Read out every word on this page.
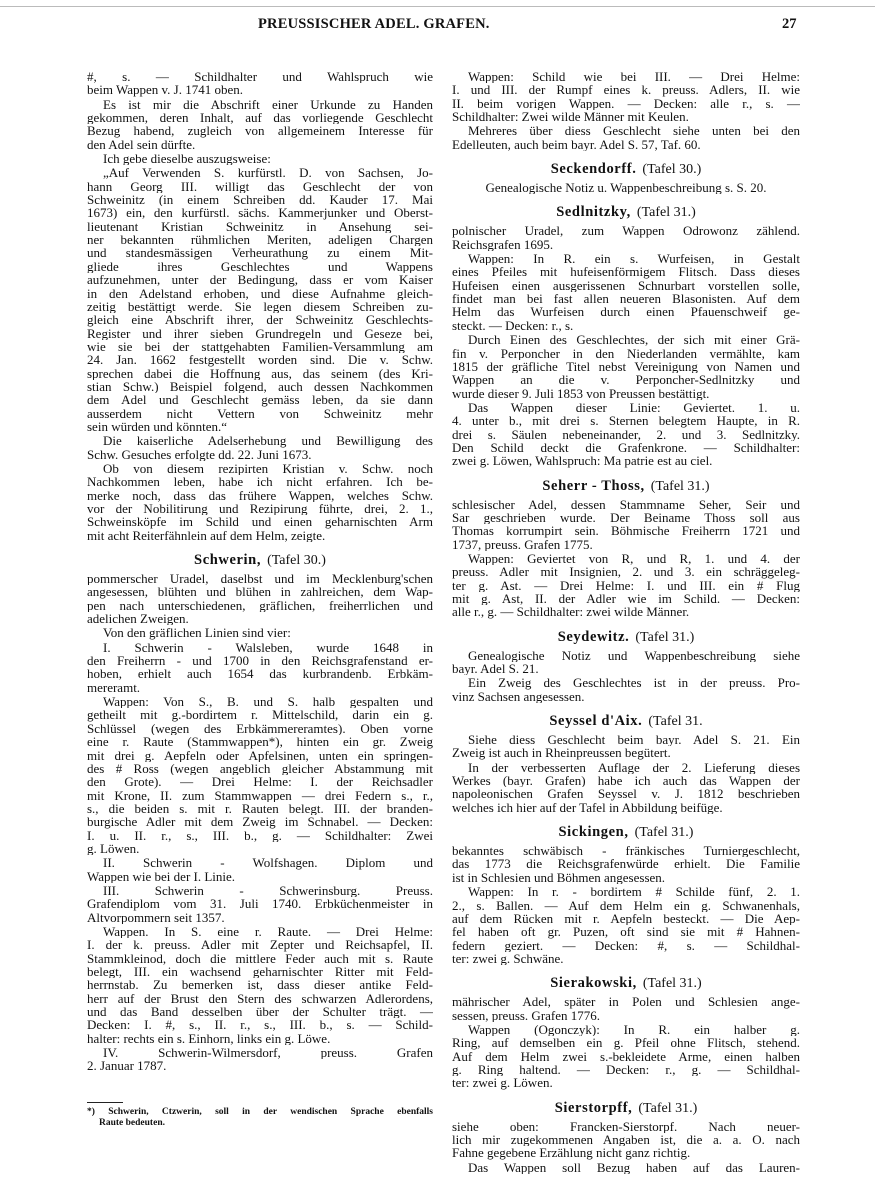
PREUSSISCHER ADEL. GRAFEN.	27
#, s. — Schildhalter und Wahlspruch wie
beim Wappen v. J. 1741 oben.
Es ist mir die Abschrift einer Urkunde zu Handen
gekommen, deren Inhalt, auf das vorliegende Geschlecht
Bezug habend, zugleich von allgemeinem Interesse für
den Adel sein dürfte.
Ich gebe dieselbe auszugsweise:
„Auf Verwenden S. kurfürstl. D. von Sachsen, Jo-
hann Georg III. willigt das Geschlecht der von
Schweinitz (in einem Schreiben dd. Kauder 17. Mai
1673) ein, den kurfürstl. sächs. Kammerjunker und Oberst-
lieutenant Kristian Schweinitz in Ansehung sei-
ner bekannten rühmlichen Meriten, adeligen Chargen
und standesmässigen Verheurathung zu einem Mit-
gliede ihres Geschlechtes und Wappens
aufzunehmen, unter der Bedingung, dass er vom Kaiser
in den Adelstand erhoben, und diese Aufnahme gleich-
zeitig bestättigt werde. Sie legen diesem Schreiben zu-
gleich eine Abschrift ihrer, der Schweinitz Geschlechts-
Register und ihrer sieben Grundregeln und Geseze bei,
wie sie bei der stattgehabten Familien-Versammlung am
24. Jan. 1662 festgestellt worden sind. Die v. Schw.
sprechen dabei die Hoffnung aus, das seinem (des Kri-
stian Schw.) Beispiel folgend, auch dessen Nachkommen
dem Adel und Geschlecht gemäss leben, da sie dann
ausserdem nicht Vettern von Schweinitz mehr
sein würden und könnten.“
Die kaiserliche Adelserhebung und Bewilligung des
Schw. Gesuches erfolgte dd. 22. Juni 1673.
Ob von diesem rezipirten Kristian v. Schw. noch
Nachkommen leben, habe ich nicht erfahren. Ich be-
merke noch, dass das frühere Wappen, welches Schw.
vor der Nobilitirung und Rezipirung führte, drei, 2. 1.,
Schweinsköpfe im Schild und einen geharnischten Arm
mit acht Reiterfähnlein auf dem Helm, zeigte.
Schwerin, (Tafel 30.)
pommerscher Uradel, daselbst und im Mecklenburg'schen
angesessen, blühten und blühen in zahlreichen, dem Wap-
pen nach unterschiedenen, gräflichen, freiherrlichen und
adelichen Zweigen.
Von den gräflichen Linien sind vier:
I. Schwerin - Walsleben, wurde 1648 in
den Freiherrn - und 1700 in den Reichsgrafenstand er-
hoben, erhielt auch 1654 das kurbrandenb. Erbkäm-
mereramt.
Wappen: Von S., B. und S. halb gespalten und
getheilt mit g.-bordirtem r. Mittelschild, darin ein g.
Schlüssel (wegen des Erbkämmereramtes). Oben vorne
eine r. Raute (Stammwappen*), hinten ein gr. Zweig
mit drei g. Aepfeln oder Apfelsinen, unten ein springen-
des # Ross (wegen angeblich gleicher Abstammung mit
den Grote). — Drei Helme: I. der Reichsadler
mit Krone, II. zum Stammwappen — drei Federn s., r.,
s., die beiden s. mit r. Rauten belegt. III. der branden-
burgische Adler mit dem Zweig im Schnabel. — Decken:
I. u. II. r., s., III. b., g. — Schildhalter: Zwei
g. Löwen.
II. Schwerin - Wolfshagen. Diplom und
Wappen wie bei der I. Linie.
III. Schwerin - Schwerinsburg. Preuss.
Grafendiplom vom 31. Juli 1740. Erbküchenmeister in
Altvorpommern seit 1357.
Wappen. In S. eine r. Raute. — Drei Helme:
I. der k. preuss. Adler mit Zepter und Reichsapfel, II.
Stammkleinod, doch die mittlere Feder auch mit s. Raute
belegt, III. ein wachsend geharnischter Ritter mit Feld-
herrnstab. Zu bemerken ist, dass dieser antike Feld-
herr auf der Brust den Stern des schwarzen Adlerordens,
und das Band desselben über der Schulter trägt. —
Decken: I. #, s., II. r., s., III. b., s. — Schild-
halter: rechts ein s. Einhorn, links ein g. Löwe.
IV. Schwerin-Wilmersdorf, preuss. Grafen
2. Januar 1787.
Wappen: Schild wie bei III. — Drei Helme:
I. und III. der Rumpf eines k. preuss. Adlers, II. wie
II. beim vorigen Wappen. — Decken: alle r., s. —
Schildhalter: Zwei wilde Männer mit Keulen.
Mehreres über diess Geschlecht siehe unten bei den
Edelleuten, auch beim bayr. Adel S. 57, Taf. 60.
Seckendorff. (Tafel 30.)
Genealogische Notiz u. Wappenbeschreibung s. S. 20.
Sedlnitzky, (Tafel 31.)
polnischer Uradel, zum Wappen Odrowonz zählend.
Reichsgrafen 1695.
Wappen: In R. ein s. Wurfeisen, in Gestalt
eines Pfeiles mit hufeisenförmigem Flitsch. Dass dieses
Hufeisen einen ausgerissenen Schnurbart vorstellen solle,
findet man bei fast allen neueren Blasonisten. Auf dem
Helm das Wurfeisen durch einen Pfauenschweif ge-
steckt. — Decken: r., s.
Durch Einen des Geschlechtes, der sich mit einer Grä-
fin v. Perponcher in den Niederlanden vermählte, kam
1815 der gräfliche Titel nebst Vereinigung von Namen und
Wappen an die v. Perponcher-Sedlnitzky und
wurde dieser 9. Juli 1853 von Preussen bestättigt.
Das Wappen dieser Linie: Geviertet. 1. u.
4. unter b., mit drei s. Sternen belegtem Haupte, in R.
drei s. Säulen nebeneinander, 2. und 3. Sedlnitzky.
Den Schild deckt die Grafenkrone. — Schildhalter:
zwei g. Löwen, Wahlspruch: Ma patrie est au ciel.
Seherr - Thoss, (Tafel 31.)
schlesischer Adel, dessen Stammname Seher, Seir und
Sar geschrieben wurde. Der Beiname Thoss soll aus
Thomas korrumpirt sein. Böhmische Freiherrn 1721 und
1737, preuss. Grafen 1775.
Wappen: Geviertet von R, und R, 1. und 4. der
preuss. Adler mit Insignien, 2. und 3. ein schräggeleg-
ter g. Ast. — Drei Helme: I. und III. ein # Flug
mit g. Ast, II. der Adler wie im Schild. — Decken:
alle r., g. — Schildhalter: zwei wilde Männer.
Seydewitz. (Tafel 31.)
Genealogische Notiz und Wappenbeschreibung siehe
bayr. Adel S. 21.
Ein Zweig des Geschlechtes ist in der preuss. Pro-
vinz Sachsen angesessen.
Seyssel d'Aix. (Tafel 31.
Siehe diess Geschlecht beim bayr. Adel S. 21. Ein
Zweig ist auch in Rheinpreussen begütert.
In der verbesserten Auflage der 2. Lieferung dieses
Werkes (bayr. Grafen) habe ich auch das Wappen der
napoleonischen Grafen Seyssel v. J. 1812 beschrieben
welches ich hier auf der Tafel in Abbildung beifüge.
Sickingen, (Tafel 31.)
bekanntes schwäbisch - fränkisches Turniergeschlecht,
das 1773 die Reichsgrafenwürde erhielt. Die Familie
ist in Schlesien und Böhmen angesessen.
Wappen: In r. - bordirtem # Schilde fünf, 2. 1.
2., s. Ballen. — Auf dem Helm ein g. Schwanenhals,
auf dem Rücken mit r. Aepfeln besteckt. — Die Aep-
fel haben oft gr. Puzen, oft sind sie mit # Hahnen-
federn geziert. — Decken: #, s. — Schildhal-
ter: zwei g. Schwäne.
Sierakowski, (Tafel 31.)
mährischer Adel, später in Polen und Schlesien ange-
sessen, preuss. Grafen 1776.
Wappen (Ogonczyk): In R. ein halber g.
Ring, auf demselben ein g. Pfeil ohne Flitsch, stehend.
Auf dem Helm zwei s.-bekleidete Arme, einen halben
g. Ring haltend. — Decken: r., g. — Schildhal-
ter: zwei g. Löwen.
Sierstorpff, (Tafel 31.)
siehe oben: Francken-Sierstorpf. Nach neuer-
lich mir zugekommenen Angaben ist, die a. a. O. nach
Fahne gegebene Erzählung nicht ganz richtig.
Das Wappen soll Bezug haben auf das Lauren-
*) Schwerin, Ctzwerin, soll in der wendischen Sprache ebenfalls
Raute bedeuten.
